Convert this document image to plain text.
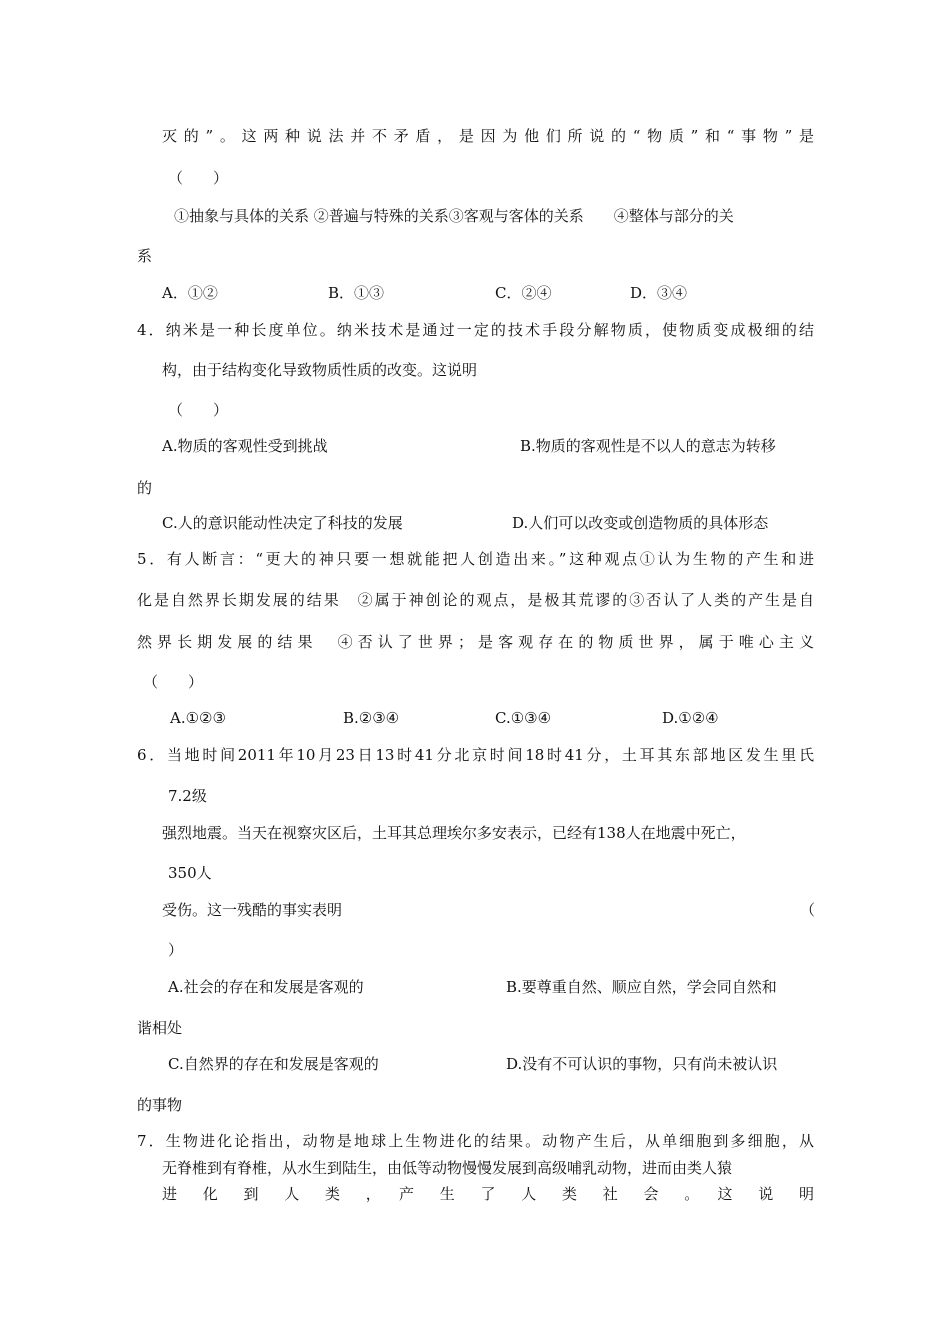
灭的”。这两种说法并不矛盾，是因为他们所说的“物质”和“事物”是
（　　）
①抽象与具体的关系 ②普遍与特殊的关系③客观与客体的关系　　④整体与部分的关
系
A．①②	B．①③	C．②④	D．③④
4．纳米是一种长度单位。纳米技术是通过一定的技术手段分解物质，使物质变成极细的结
构，由于结构变化导致物质性质的改变。这说明
（　　）
A.物质的客观性受到挑战	B.物质的客观性是不以人的意志为转移
的
C.人的意识能动性决定了科技的发展	D.人们可以改变或创造物质的具体形态
5．有人断言：“更大的神只要一想就能把人创造出来。”这种观点①认为生物的产生和进
化是自然界长期发展的结果　②属于神创论的观点，是极其荒谬的③否认了人类的产生是自
然界长期发展的结果　④否认了世界；是客观存在的物质世界，属于唯心主义
（　　）
A.①②③	B.②③④	C.①③④	D.①②④
6．当地时间2011年10月23日13时41分北京时间18时41分，土耳其东部地区发生里氏
7.2级
强烈地震。当天在视察灾区后，土耳其总理埃尔多安表示，已经有138人在地震中死亡，
350人
受伤。这一残酷的事实表明	（
）
A.社会的存在和发展是客观的	B.要尊重自然、顺应自然，学会同自然和
谐相处
C.自然界的存在和发展是客观的	D.没有不可认识的事物，只有尚未被认识
的事物
7．生物进化论指出，动物是地球上生物进化的结果。动物产生后，从单细胞到多细胞，从
无脊椎到有脊椎，从水生到陆生，由低等动物慢慢发展到高级哺乳动物，进而由类人猿
进　化　到　人　类　，　产　生　了　人　类　社　会　。　这　说　明
